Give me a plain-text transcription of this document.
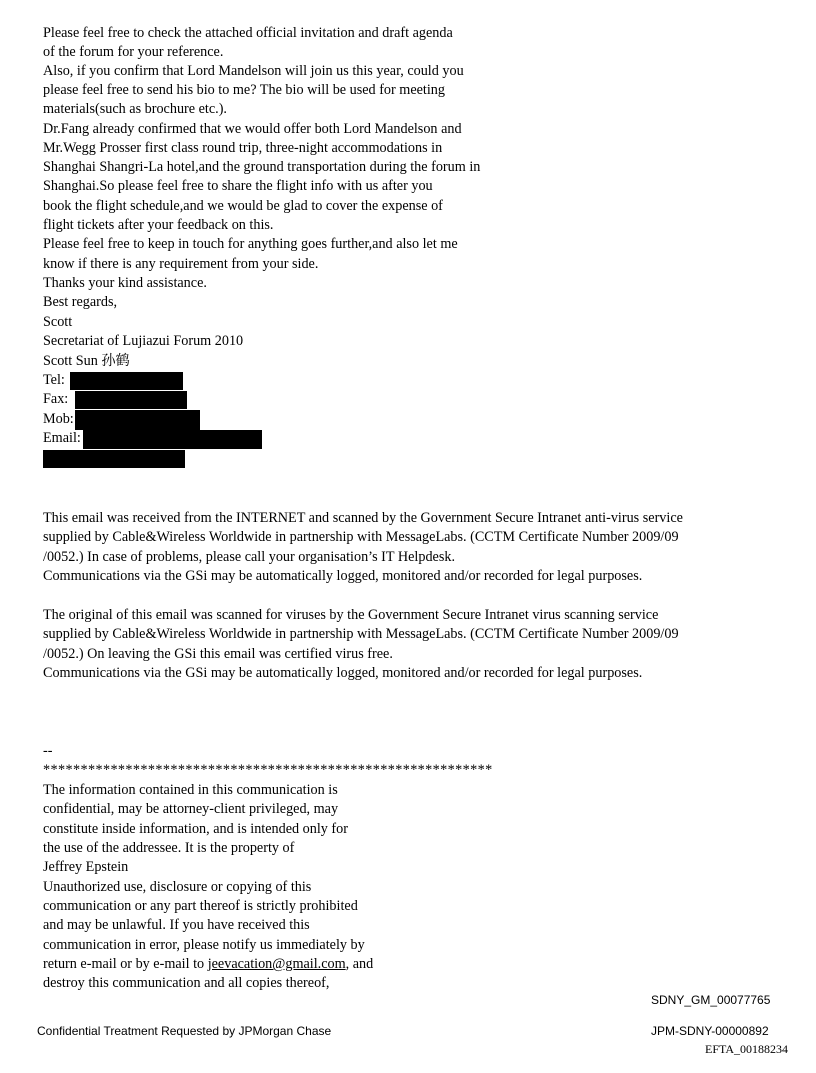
Please feel free to check the attached official invitation and draft agenda
of the forum for your reference.
Also, if you confirm that Lord Mandelson will join us this year, could you
please feel free to send his bio to me? The bio will be used for meeting
materials(such as brochure etc.).
Dr.Fang already confirmed that we would offer both Lord Mandelson and
Mr.Wegg Prosser first class round trip, three-night accommodations in
Shanghai Shangri-La hotel,and the ground transportation during the forum in
Shanghai.So please feel free to share the flight info with us after you
book the flight schedule,and we would be glad to cover the expense of
flight tickets after your feedback on this.
Please feel free to keep in touch for anything goes further,and also let me
know if there is any requirement from your side.
Thanks your kind assistance.
Best regards,
Scott
Secretariat of Lujiazui Forum 2010
Scott Sun 孙鹤
Tel:
Fax:
Mob:
Email:
This email was received from the INTERNET and scanned by the Government Secure Intranet anti-virus service
supplied by Cable&Wireless Worldwide in partnership with MessageLabs. (CCTM Certificate Number 2009/09
/0052.) In case of problems, please call your organisation’s IT Helpdesk.
Communications via the GSi may be automatically logged, monitored and/or recorded for legal purposes.
The original of this email was scanned for viruses by the Government Secure Intranet virus scanning service
supplied by Cable&Wireless Worldwide in partnership with MessageLabs. (CCTM Certificate Number 2009/09
/0052.) On leaving the GSi this email was certified virus free.
Communications via the GSi may be automatically logged, monitored and/or recorded for legal purposes.
--
************************************************************
The information contained in this communication is
confidential, may be attorney-client privileged, may
constitute inside information, and is intended only for
the use of the addressee. It is the property of
Jeffrey Epstein
Unauthorized use, disclosure or copying of this
communication or any part thereof is strictly prohibited
and may be unlawful. If you have received this
communication in error, please notify us immediately by
return e-mail or by e-mail to jeevacation@gmail.com, and
destroy this communication and all copies thereof,
SDNY_GM_00077765
Confidential Treatment Requested by JPMorgan Chase	JPM-SDNY-00000892
EFTA_00188234
